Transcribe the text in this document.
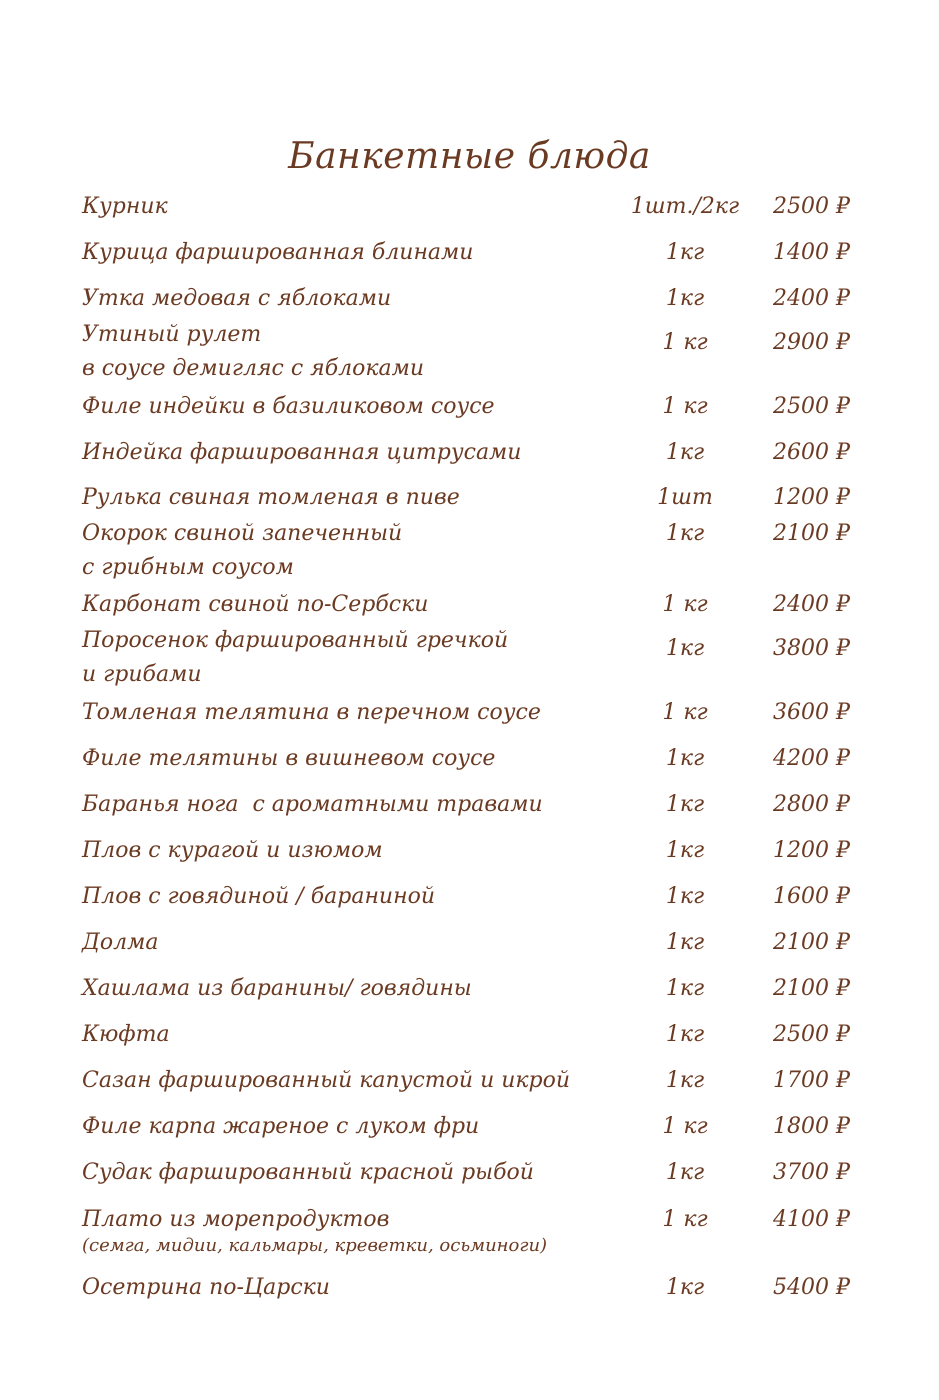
Банкетные блюда
Курник	1шт./2кг	2500 ₽
Курица фаршированная блинами	1кг	1400 ₽
Утка медовая с яблоками	1кг	2400 ₽
Утиный рулет
в соусе демигляс с яблоками
1 кг	2900 ₽
Филе индейки в базиликовом соусе	1 кг	2500 ₽
Индейка фаршированная цитрусами	1кг	2600 ₽
Рулька свиная томленая в пиве	1шт	1200 ₽
Окорок свиной запеченный
с грибным соусом
1кг	2100 ₽
Карбонат свиной по-Сербски	1 кг	2400 ₽
Поросенок фаршированный гречкой
и грибами
1кг	3800 ₽
Томленая телятина в перечном соусе	1 кг	3600 ₽
Филе телятины в вишневом соусе	1кг	4200 ₽
Баранья нога  с ароматными травами	1кг	2800 ₽
Плов с курагой и изюмом	1кг	1200 ₽
Плов с говядиной / бараниной	1кг	1600 ₽
Долма	1кг	2100 ₽
Хашлама из баранины/ говядины	1кг	2100 ₽
Кюфта	1кг	2500 ₽
Сазан фаршированный капустой и икрой	1кг	1700 ₽
Филе карпа жареное с луком фри	1 кг	1800 ₽
Судак фаршированный красной рыбой	1кг	3700 ₽
Плато из морепродуктов
(семга, мидии, кальмары, креветки, осьминоги)
1 кг	4100 ₽
Осетрина по-Царски	1кг	5400 ₽
